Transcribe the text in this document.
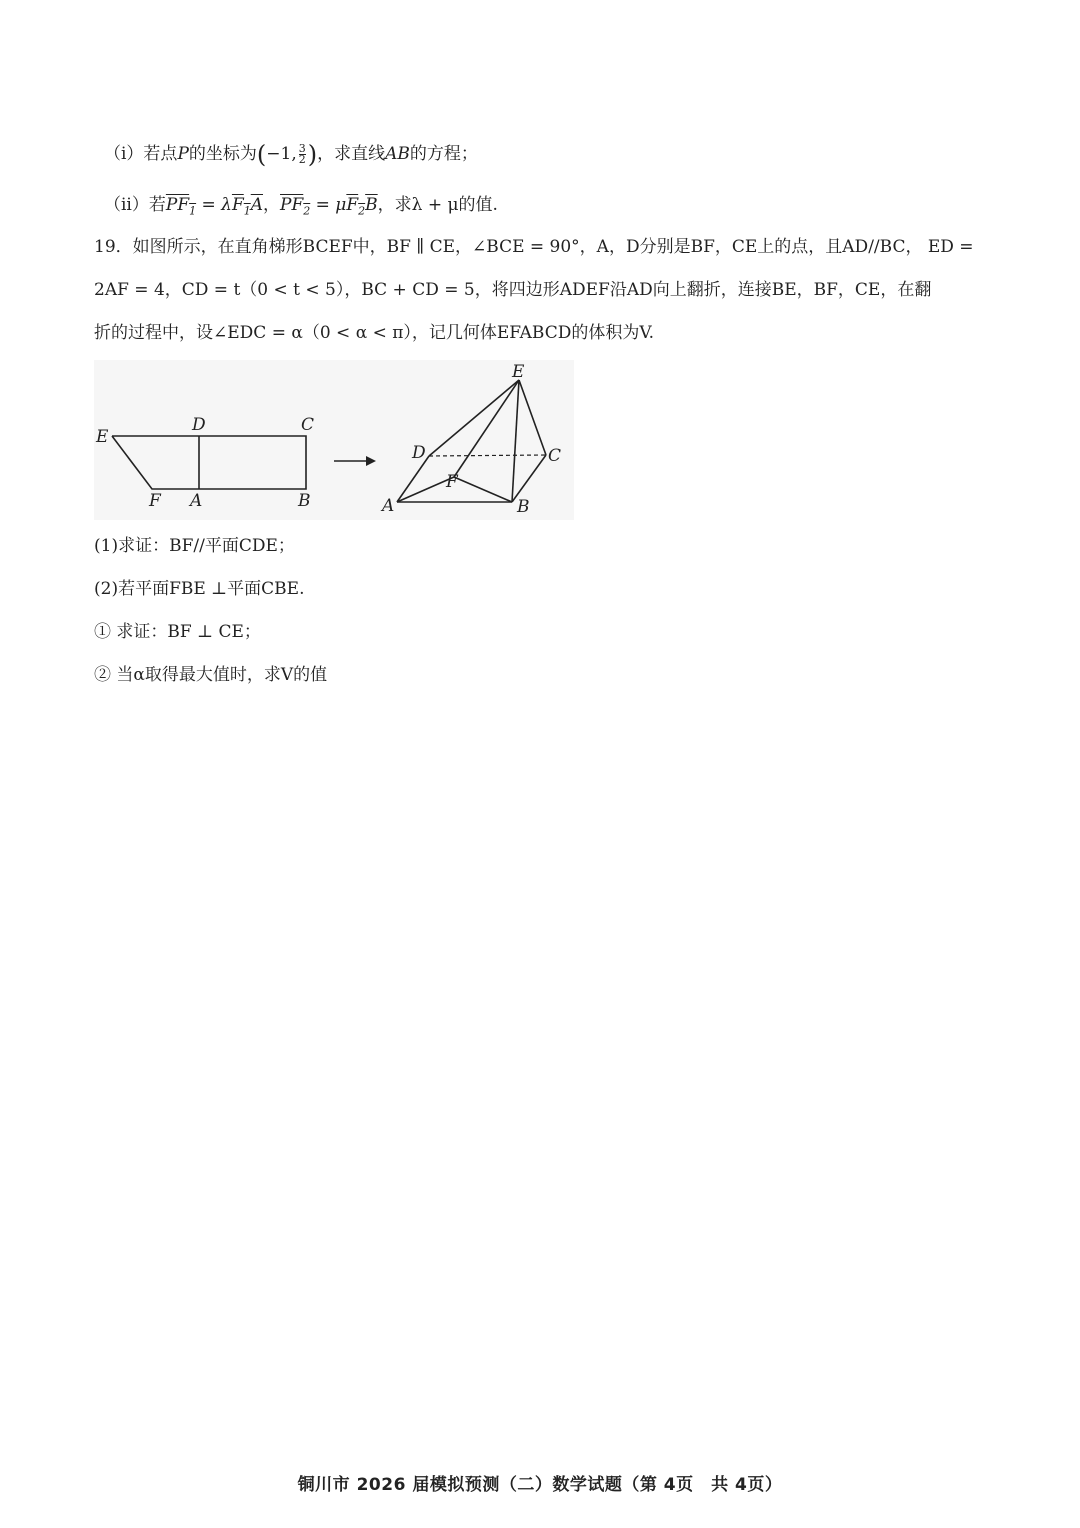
（i）若点P的坐标为(−1, $\frac{3}{2}$ )，求直线AB的方程；
（ii）若$PF_1 = \lambda F_1A$，$PF_2 = \mu F_2B$，求λ + μ的值.
19．如图所示，在直角梯形BCEF中，BF ∥ CE，∠BCE = 90°，A，D分别是BF，CE上的点，且AD//BC， ED =
2AF = 4，CD = t（0 < t < 5），BC + CD = 5，将四边形ADEF沿AD向上翻折，连接BE，BF，CE，在翻
折的过程中，设∠EDC = α（0 < α < π），记几何体EFABCD的体积为V.
E
D	C
F A	B
E
D	C
F
A	B
(1)求证：BF//平面CDE；
(2)若平面FBE ⊥平面CBE.
① 求证：BF ⊥ CE；
② 当α取得最大值时，求V的值
铜川市 2026 届模拟预测（二）数学试题（第 4页　共 4页）
